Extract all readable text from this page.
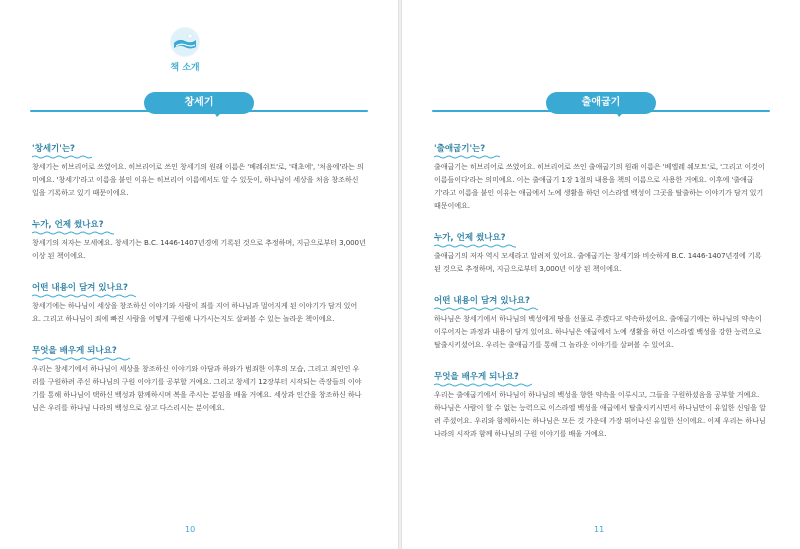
책 소개
창세기
'창세기'는?

창세기는 히브리어로 쓰였어요. 히브리어로 쓰인 창세기의 원래 이름은 '베레쉬트'로, '태초에', '처음에'라는 의미예요. '창세기'라고 이름을 붙인 이유는 히브리어 이름에서도 알 수 있듯이, 하나님이 세상을 처음 창조하신 일을 기록하고 있기 때문이에요.

누가, 언제 썼나요?

창세기의 저자는 모세예요. 창세기는 B.C. 1446-1407년경에 기록된 것으로 추정하며, 지금으로부터 3,000년 이상 된 책이에요.

어떤 내용이 담겨 있나요?

창세기에는 하나님이 세상을 창조하신 이야기와 사람이 죄를 지어 하나님과 멀어지게 된 이야기가 담겨 있어요. 그리고 하나님이 죄에 빠진 사람을 어떻게 구원해 나가시는지도 살펴볼 수 있는 놀라운 책이에요.

무엇을 배우게 되나요?

우리는 창세기에서 하나님이 세상을 창조하신 이야기와 아담과 하와가 범죄한 이후의 모습, 그리고 죄인인 우리를 구원하려 주신 하나님의 구원 이야기를 공부할 거예요. 그리고 창세기 12장부터 시작되는 족장들의 이야기를 통해 하나님이 택하신 백성과 함께하시며 복을 주시는 분임을 배울 거예요. 세상과 인간을 창조하신 하나님은 우리를 하나님 나라의 백성으로 삼고 다스리시는 분이에요.

10
출애굽기
'출애굽기'는?

출애굽기는 히브리어로 쓰였어요. 히브리어로 쓰인 출애굽기의 원래 이름은 '베엘레 쉐모트'로, '그리고 이것이 이름들이다'라는 의미예요. 이는 출애굽기 1장 1절의 내용을 책의 이름으로 사용한 거예요. 이후에 '출애굽기'라고 이름을 붙인 이유는 애굽에서 노예 생활을 하던 이스라엘 백성이 그곳을 탈출하는 이야기가 담겨 있기 때문이에요.

누가, 언제 썼나요?

출애굽기의 저자 역시 모세라고 알려져 있어요. 출애굽기는 창세기와 비슷하게 B.C. 1446-1407년경에 기록된 것으로 추정하며, 지금으로부터 3,000년 이상 된 책이에요.

어떤 내용이 담겨 있나요?

하나님은 창세기에서 하나님의 백성에게 땅을 선물로 주겠다고 약속하셨어요. 출애굽기에는 하나님의 약속이 이루어지는 과정과 내용이 담겨 있어요. 하나님은 애굽에서 노예 생활을 하던 이스라엘 백성을 강한 능력으로 탈출시키셨어요. 우리는 출애굽기를 통해 그 놀라운 이야기를 살펴볼 수 있어요.

무엇을 배우게 되나요?

우리는 출애굽기에서 하나님이 하나님의 백성을 향한 약속을 이루시고, 그들을 구원하셨음을 공부할 거예요. 하나님은 사람이 할 수 없는 능력으로 이스라엘 백성을 애굽에서 탈출시키시면서 하나님만이 유일한 신임을 알려 주셨어요. 우리와 함께하시는 하나님은 모든 것 가운데 가장 뛰어나신 유일한 신이에요. 이제 우리는 하나님 나라의 시작과 함께 하나님의 구원 이야기를 배울 거예요.

11
